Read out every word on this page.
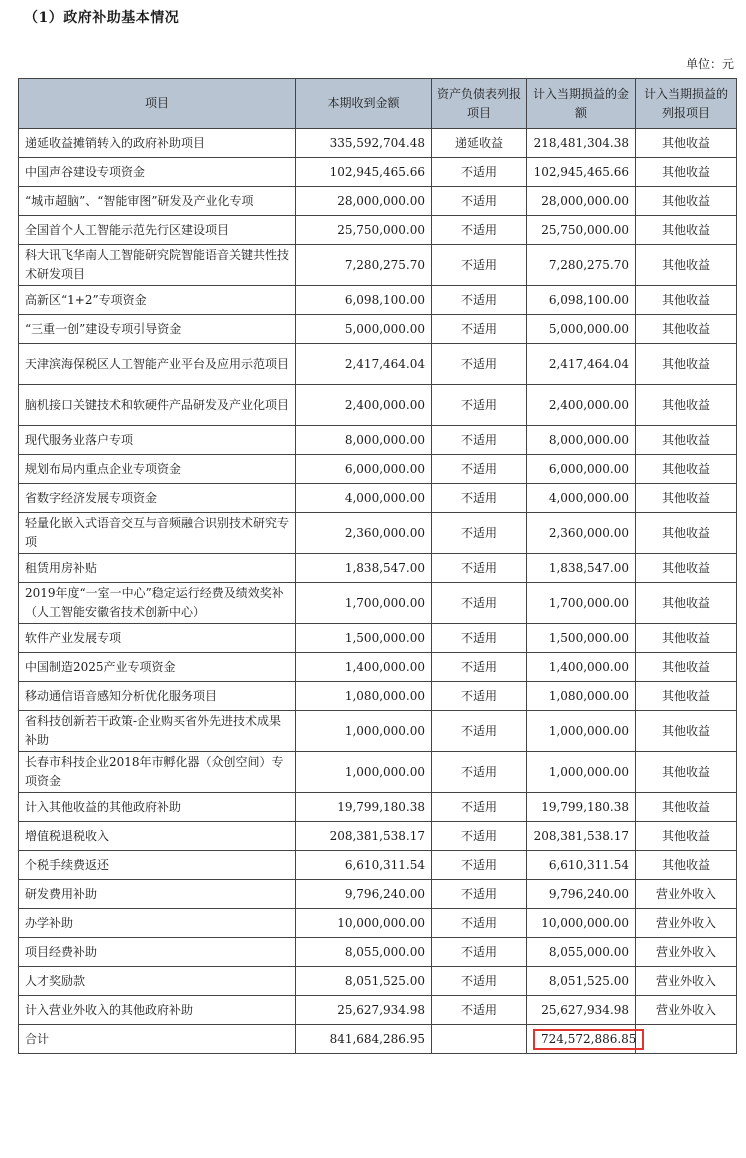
（1）政府补助基本情况
单位：元
项目	本期收到金额	资产负债表列报项目	计入当期损益的金额	计入当期损益的列报项目
递延收益摊销转入的政府补助项目	335,592,704.48	递延收益	218,481,304.38	其他收益
中国声谷建设专项资金	102,945,465.66	不适用	102,945,465.66	其他收益
“城市超脑”、“智能审图”研发及产业化专项	28,000,000.00	不适用	28,000,000.00	其他收益
全国首个人工智能示范先行区建设项目	25,750,000.00	不适用	25,750,000.00	其他收益
科大讯飞华南人工智能研究院智能语音关键共性技术研发项目	7,280,275.70	不适用	7,280,275.70	其他收益
高新区“1+2”专项资金	6,098,100.00	不适用	6,098,100.00	其他收益
“三重一创”建设专项引导资金	5,000,000.00	不适用	5,000,000.00	其他收益
天津滨海保税区人工智能产业平台及应用示范项目	2,417,464.04	不适用	2,417,464.04	其他收益
脑机接口关键技术和软硬件产品研发及产业化项目	2,400,000.00	不适用	2,400,000.00	其他收益
现代服务业落户专项	8,000,000.00	不适用	8,000,000.00	其他收益
规划布局内重点企业专项资金	6,000,000.00	不适用	6,000,000.00	其他收益
省数字经济发展专项资金	4,000,000.00	不适用	4,000,000.00	其他收益
轻量化嵌入式语音交互与音频融合识别技术研究专项	2,360,000.00	不适用	2,360,000.00	其他收益
租赁用房补贴	1,838,547.00	不适用	1,838,547.00	其他收益
2019年度“一室一中心”稳定运行经费及绩效奖补（人工智能安徽省技术创新中心）	1,700,000.00	不适用	1,700,000.00	其他收益
软件产业发展专项	1,500,000.00	不适用	1,500,000.00	其他收益
中国制造2025产业专项资金	1,400,000.00	不适用	1,400,000.00	其他收益
移动通信语音感知分析优化服务项目	1,080,000.00	不适用	1,080,000.00	其他收益
省科技创新若干政策-企业购买省外先进技术成果补助	1,000,000.00	不适用	1,000,000.00	其他收益
长春市科技企业2018年市孵化器（众创空间）专项资金	1,000,000.00	不适用	1,000,000.00	其他收益
计入其他收益的其他政府补助	19,799,180.38	不适用	19,799,180.38	其他收益
增值税退税收入	208,381,538.17	不适用	208,381,538.17	其他收益
个税手续费返还	6,610,311.54	不适用	6,610,311.54	其他收益
研发费用补助	9,796,240.00	不适用	9,796,240.00	营业外收入
办学补助	10,000,000.00	不适用	10,000,000.00	营业外收入
项目经费补助	8,055,000.00	不适用	8,055,000.00	营业外收入
人才奖励款	8,051,525.00	不适用	8,051,525.00	营业外收入
计入营业外收入的其他政府补助	25,627,934.98	不适用	25,627,934.98	营业外收入
合计	841,684,286.95		724,572,886.85	
